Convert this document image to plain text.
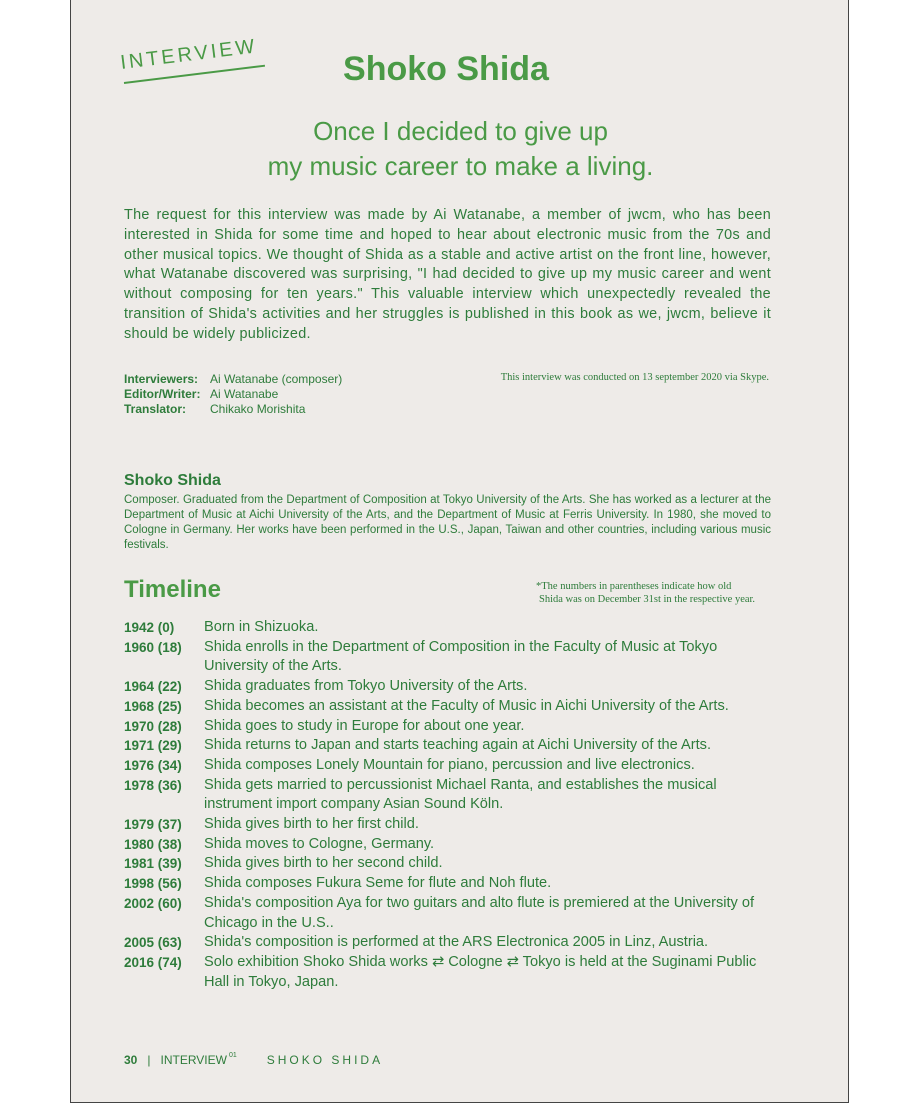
INTERVIEW	Shoko Shida
Once I decided to give up
my music career to make a living.

The request for this interview was made by Ai Watanabe, a member of jwcm, who has been interested in Shida for some time and hoped to hear about electronic music from the 70s and other musical topics. We thought of Shida as a stable and active artist on the front line, however, what Watanabe discovered was surprising, "I had decided to give up my music career and went without composing for ten years." This valuable interview which unexpectedly revealed the transition of Shida's activities and her struggles is published in this book as we, jwcm, believe it should be widely publicized.

Interviewers: Ai Watanabe (composer)
Editor/Writer: Ai Watanabe
Translator: Chikako Morishita
This interview was conducted on 13 september 2020 via Skype.
Shoko Shida

Composer. Graduated from the Department of Composition at Tokyo University of the Arts. She has worked as a lecturer at the Department of Music at Aichi University of the Arts, and the Department of Music at Ferris University. In 1980, she moved to Cologne in Germany. Her works have been performed in the U.S., Japan, Taiwan and other countries, including various music festivals.

Timeline	*The numbers in parentheses indicate how old
Shida was on December 31st in the respective year.
1942 (0)	Born in Shizuoka.
1960 (18)	Shida enrolls in the Department of Composition in the Faculty of Music at Tokyo University of the Arts.
1964 (22)	Shida graduates from Tokyo University of the Arts.
1968 (25)	Shida becomes an assistant at the Faculty of Music in Aichi University of the Arts.
1970 (28)	Shida goes to study in Europe for about one year.
1971 (29)	Shida returns to Japan and starts teaching again at Aichi University of the Arts.
1976 (34)	Shida composes Lonely Mountain for piano, percussion and live electronics.
1978 (36)	Shida gets married to percussionist Michael Ranta, and establishes the musical instrument import company Asian Sound Köln.
1979 (37)	Shida gives birth to her first child.
1980 (38)	Shida moves to Cologne, Germany.
1981 (39)	Shida gives birth to her second child.
1998 (56)	Shida composes Fukura Seme for flute and Noh flute.
2002 (60)	Shida's composition Aya for two guitars and alto flute is premiered at the University of Chicago in the U.S..
2005 (63)	Shida's composition is performed at the ARS Electronica 2005 in Linz, Austria.
2016 (74)	Solo exhibition Shoko Shida works ⇄ Cologne ⇄ Tokyo is held at the Suginami Public Hall in Tokyo, Japan.
30 | INTERVIEW $^{01}$	SHOKO SHIDA
